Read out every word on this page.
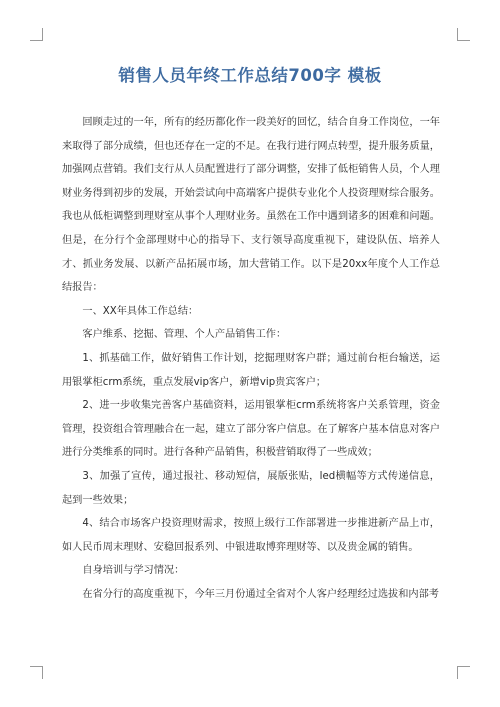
销售人员年终工作总结700字 模板

回顾走过的一年，所有的经历都化作一段美好的回忆，结合自身工作岗位，一年来取得了部分成绩，但也还存在一定的不足。在我行进行网点转型，提升服务质量，加强网点营销。我们支行从人员配置进行了部分调整，安排了低柜销售人员，个人理财业务得到初步的发展，开始尝试向中高端客户提供专业化个人投资理财综合服务。我也从低柜调整到理财室从事个人理财业务。虽然在工作中遇到诸多的困难和问题。但是，在分行个金部理财中心的指导下、支行领导高度重视下，建设队伍、培养人才、抓业务发展、以新产品拓展市场，加大营销工作。以下是20xx年度个人工作总结报告：

一、XX年具体工作总结：

客户维系、挖掘、管理、个人产品销售工作：

1、抓基础工作，做好销售工作计划，挖掘理财客户群；通过前台柜台输送，运用银掌柜crm系统，重点发展vip客户，新增vip贵宾客户；

2、进一步收集完善客户基础资料，运用银掌柜crm系统将客户关系管理，资金管理，投资组合管理融合在一起，建立了部分客户信息。在了解客户基本信息对客户进行分类维系的同时。进行各种产品销售，积极营销取得了一些成效；

3、加强了宣传，通过报社、移动短信，展版张贴，led横幅等方式传递信息，起到一些效果；

4、结合市场客户投资理财需求，按照上级行工作部署进一步推进新产品上市，如人民币周末理财、安稳回报系列、中银进取博弈理财等、以及贵金属的销售。

自身培训与学习情况：

在省分行的高度重视下，今年三月份通过全省对个人客户经理经过选拔和内部考
